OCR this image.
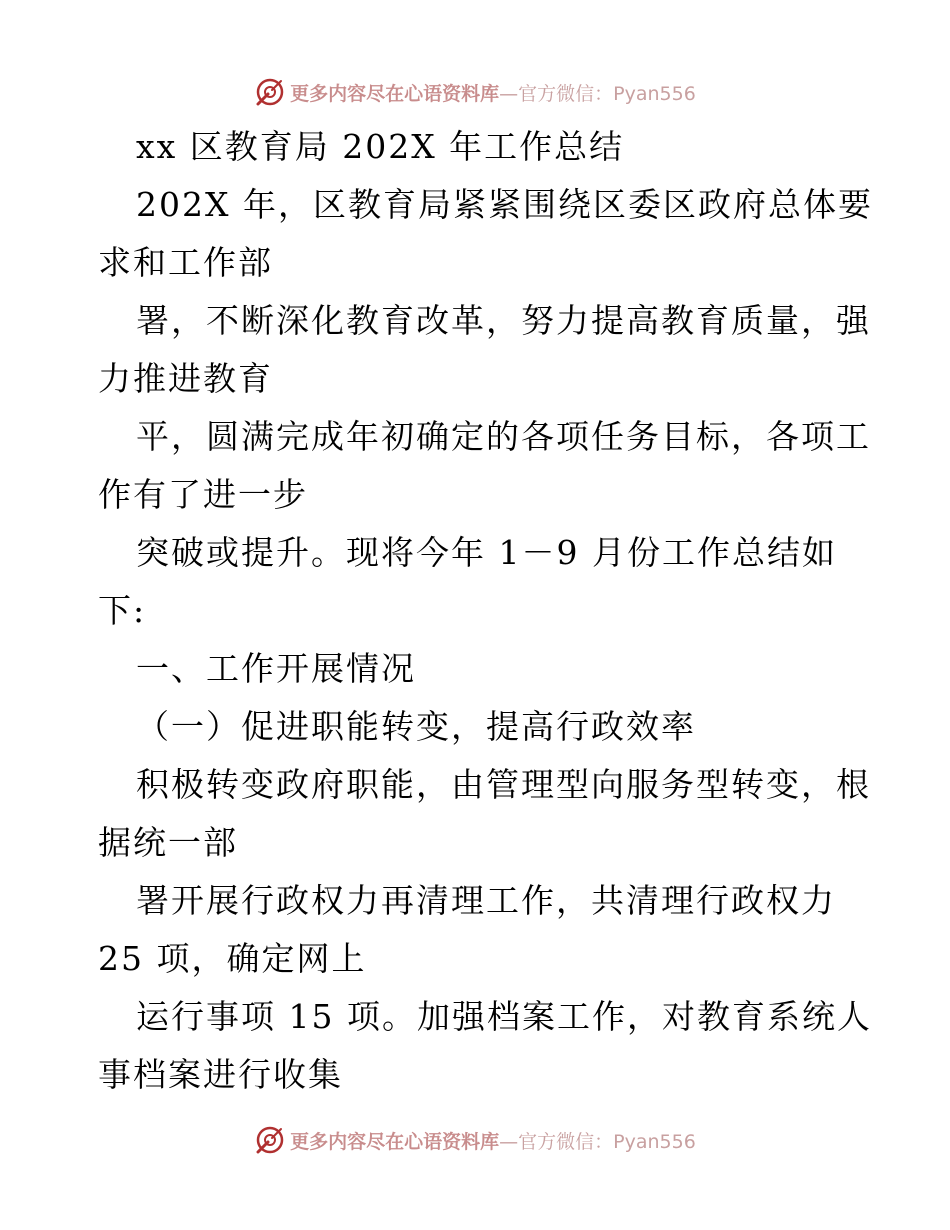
更多内容尽在心语资料库—官方微信：Pyan556
xx 区教育局 202X 年工作总结
202X 年，区教育局紧紧围绕区委区政府总体要
求和工作部
署，不断深化教育改革，努力提高教育质量，强
力推进教育
平，圆满完成年初确定的各项任务目标，各项工
作有了进一步
突破或提升。现将今年 1－9 月份工作总结如
下:
一、工作开展情况
（一）促进职能转变，提高行政效率
积极转变政府职能，由管理型向服务型转变，根
据统一部
署开展行政权力再清理工作，共清理行政权力
25 项，确定网上
运行事项 15 项。加强档案工作，对教育系统人
事档案进行收集
更多内容尽在心语资料库—官方微信：Pyan556
